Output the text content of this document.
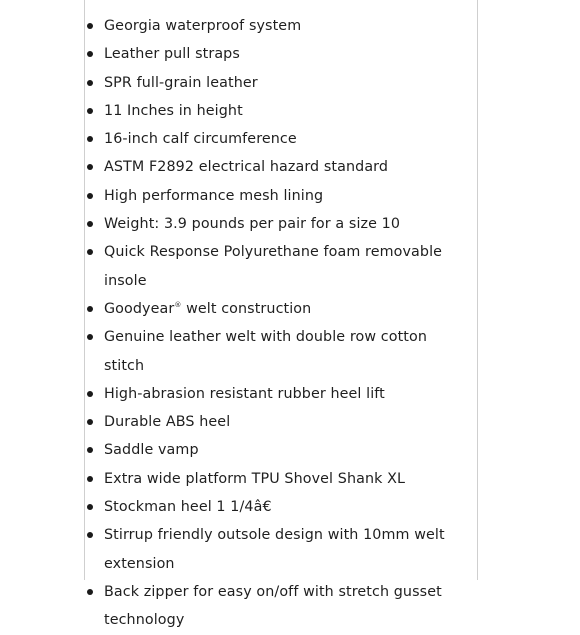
Georgia waterproof system
Leather pull straps
SPR full-grain leather
11 Inches in height
16-inch calf circumference
ASTM F2892 electrical hazard standard
High performance mesh lining
Weight: 3.9 pounds per pair for a size 10
Quick Response Polyurethane foam removable insole
Goodyear® welt construction
Genuine leather welt with double row cotton stitch
High-abrasion resistant rubber heel lift
Durable ABS heel
Saddle vamp
Extra wide platform TPU Shovel Shank XL
Stockman heel 1 1/4â€
Stirrup friendly outsole design with 10mm welt extension
Back zipper for easy on/off with stretch gusset technology
